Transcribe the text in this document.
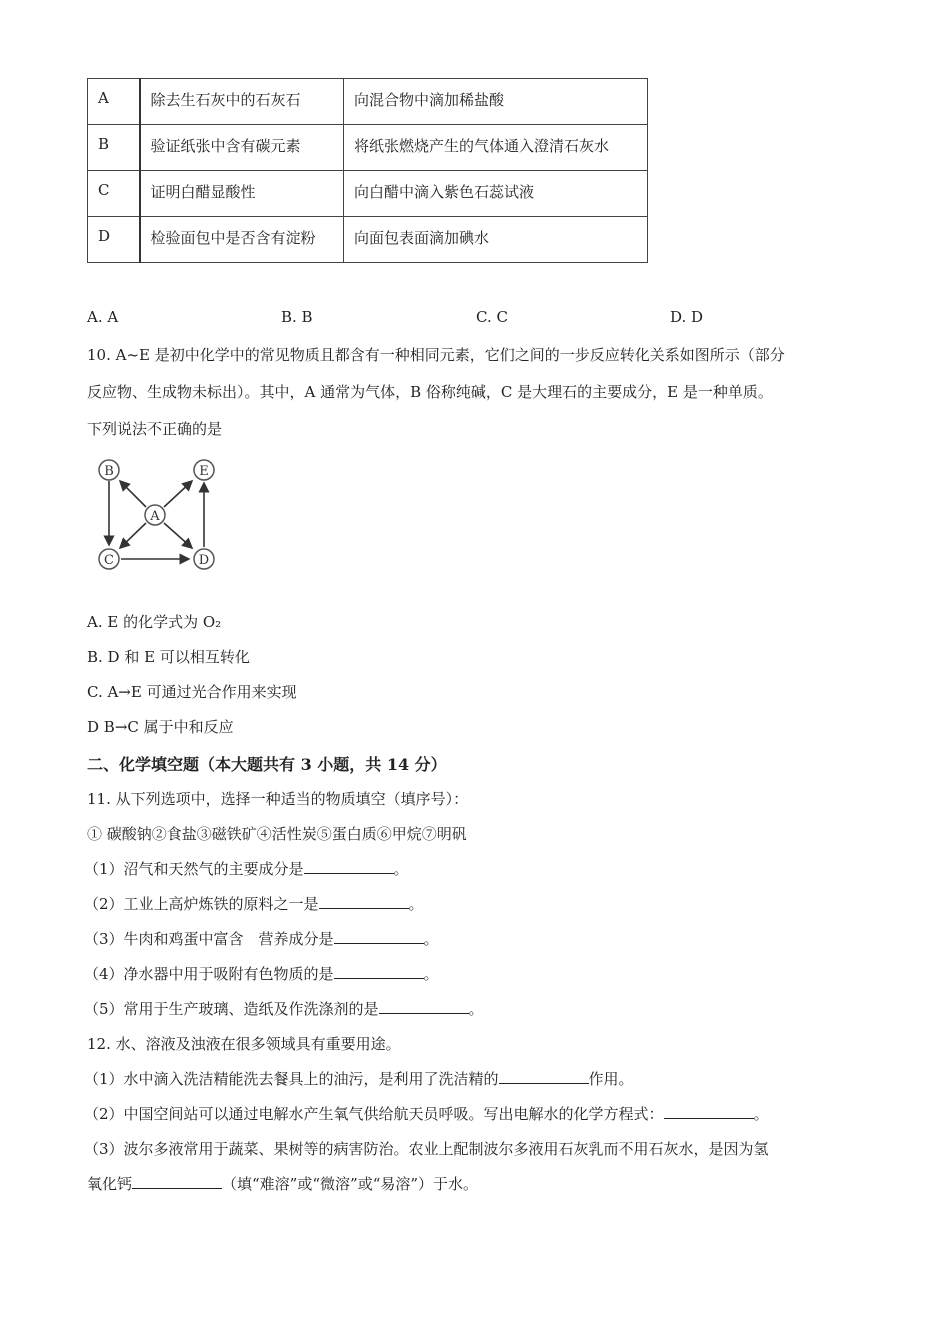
A	除去生石灰中的石灰石	向混合物中滴加稀盐酸
B	验证纸张中含有碳元素	将纸张燃烧产生的气体通入澄清石灰水
C	证明白醋显酸性	向白醋中滴入紫色石蕊试液
D	检验面包中是否含有淀粉	向面包表面滴加碘水
A. A	B. B	C. C	D. D
10. A~E 是初中化学中的常见物质且都含有一种相同元素，它们之间的一步反应转化关系如图所示（部分
反应物、生成物未标出）。其中，A 通常为气体，B 俗称纯碱，C 是大理石的主要成分，E 是一种单质。
下列说法不正确的是
A
B
C	D
E
A. E 的化学式为 O₂
B. D 和 E 可以相互转化
C. A→E 可通过光合作用来实现
D B→C 属于中和反应
二、化学填空题（本大题共有 3 小题，共 14 分）
11. 从下列选项中，选择一种适当的物质填空（填序号）：
① 碳酸钠②食盐③磁铁矿④活性炭⑤蛋白质⑥甲烷⑦明矾
（1）沼气和天然气的主要成分是	。
（2）工业上高炉炼铁的原料之一是	。
（3）牛肉和鸡蛋中富含　营养成分是	。
（4）净水器中用于吸附有色物质的是	。
（5）常用于生产玻璃、造纸及作洗涤剂的是	。
12. 水、溶液及浊液在很多领域具有重要用途。
（1）水中滴入洗洁精能洗去餐具上的油污，是利用了洗洁精的	作用。
（2）中国空间站可以通过电解水产生氧气供给航天员呼吸。写出电解水的化学方程式：	。
（3）波尔多液常用于蔬菜、果树等的病害防治。农业上配制波尔多液用石灰乳而不用石灰水，是因为氢
氧化钙	（填“难溶”或“微溶”或“易溶”）于水。
